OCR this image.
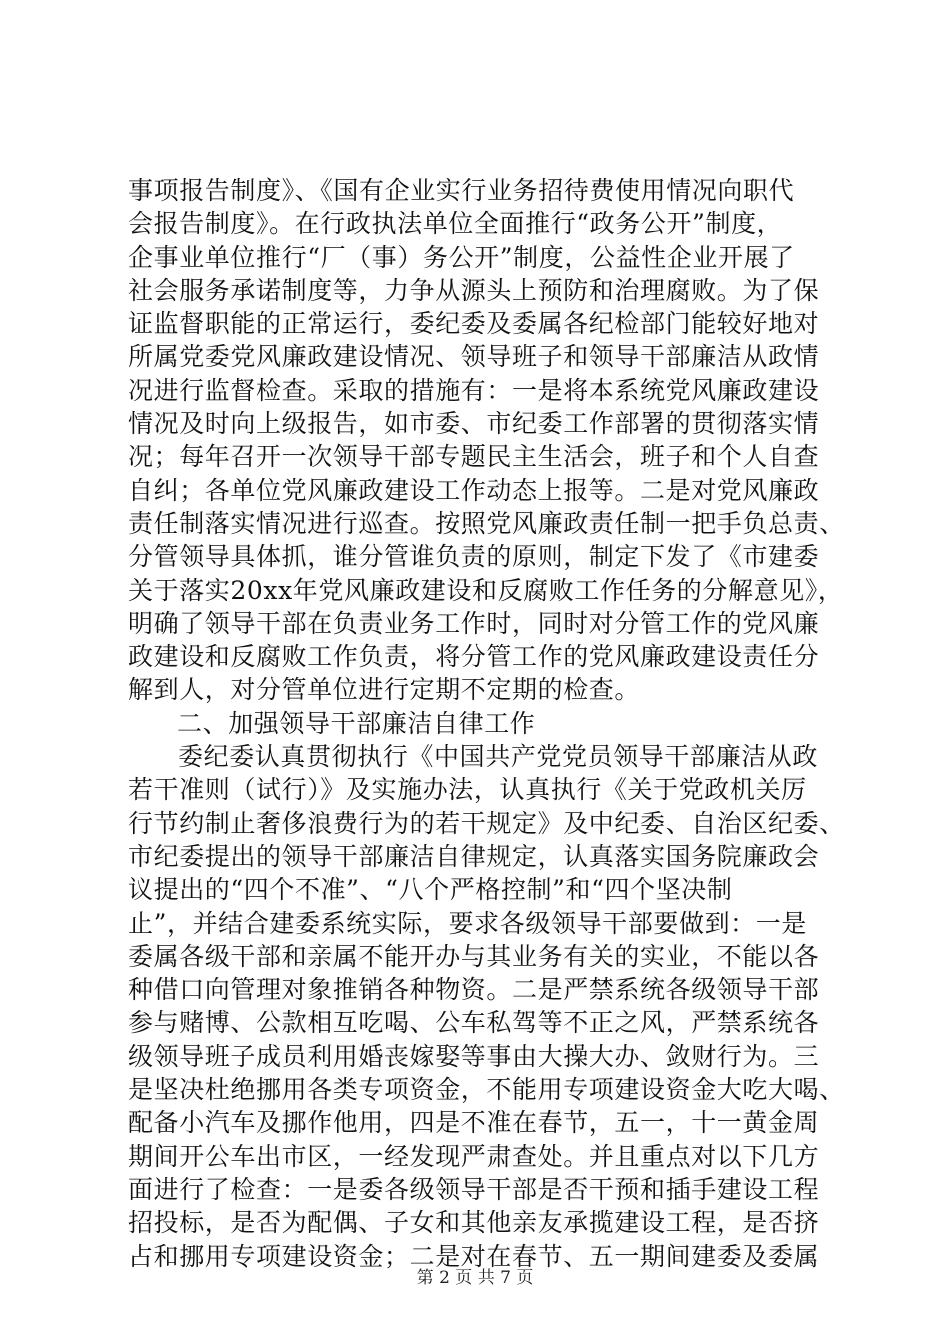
事项报告制度》、《国有企业实行业务招待费使用情况向职代
会报告制度》。在行政执法单位全面推行“政务公开”制度，
企事业单位推行“厂（事）务公开”制度，公益性企业开展了
社会服务承诺制度等，力争从源头上预防和治理腐败。为了保
证监督职能的正常运行，委纪委及委属各纪检部门能较好地对
所属党委党风廉政建设情况、领导班子和领导干部廉洁从政情
况进行监督检查。采取的措施有：一是将本系统党风廉政建设
情况及时向上级报告，如市委、市纪委工作部署的贯彻落实情
况；每年召开一次领导干部专题民主生活会，班子和个人自查
自纠；各单位党风廉政建设工作动态上报等。二是对党风廉政
责任制落实情况进行巡查。按照党风廉政责任制一把手负总责、
分管领导具体抓，谁分管谁负责的原则，制定下发了《市建委
关于落实20xx年党风廉政建设和反腐败工作任务的分解意见》，
明确了领导干部在负责业务工作时，同时对分管工作的党风廉
政建设和反腐败工作负责，将分管工作的党风廉政建设责任分
解到人，对分管单位进行定期不定期的检查。
二、加强领导干部廉洁自律工作
委纪委认真贯彻执行《中国共产党党员领导干部廉洁从政
若干准则（试行）》及实施办法，认真执行《关于党政机关厉
行节约制止奢侈浪费行为的若干规定》及中纪委、自治区纪委、
市纪委提出的领导干部廉洁自律规定，认真落实国务院廉政会
议提出的“四个不准”、“八个严格控制”和“四个坚决制
止”，并结合建委系统实际，要求各级领导干部要做到：一是
委属各级干部和亲属不能开办与其业务有关的实业，不能以各
种借口向管理对象推销各种物资。二是严禁系统各级领导干部
参与赌博、公款相互吃喝、公车私驾等不正之风，严禁系统各
级领导班子成员利用婚丧嫁娶等事由大操大办、敛财行为。三
是坚决杜绝挪用各类专项资金，不能用专项建设资金大吃大喝、
配备小汽车及挪作他用，四是不准在春节，五一，十一黄金周
期间开公车出市区，一经发现严肃查处。并且重点对以下几方
面进行了检查：一是委各级领导干部是否干预和插手建设工程
招投标，是否为配偶、子女和其他亲友承揽建设工程，是否挤
占和挪用专项建设资金；二是对在春节、五一期间建委及委属
第 2 页 共 7 页
